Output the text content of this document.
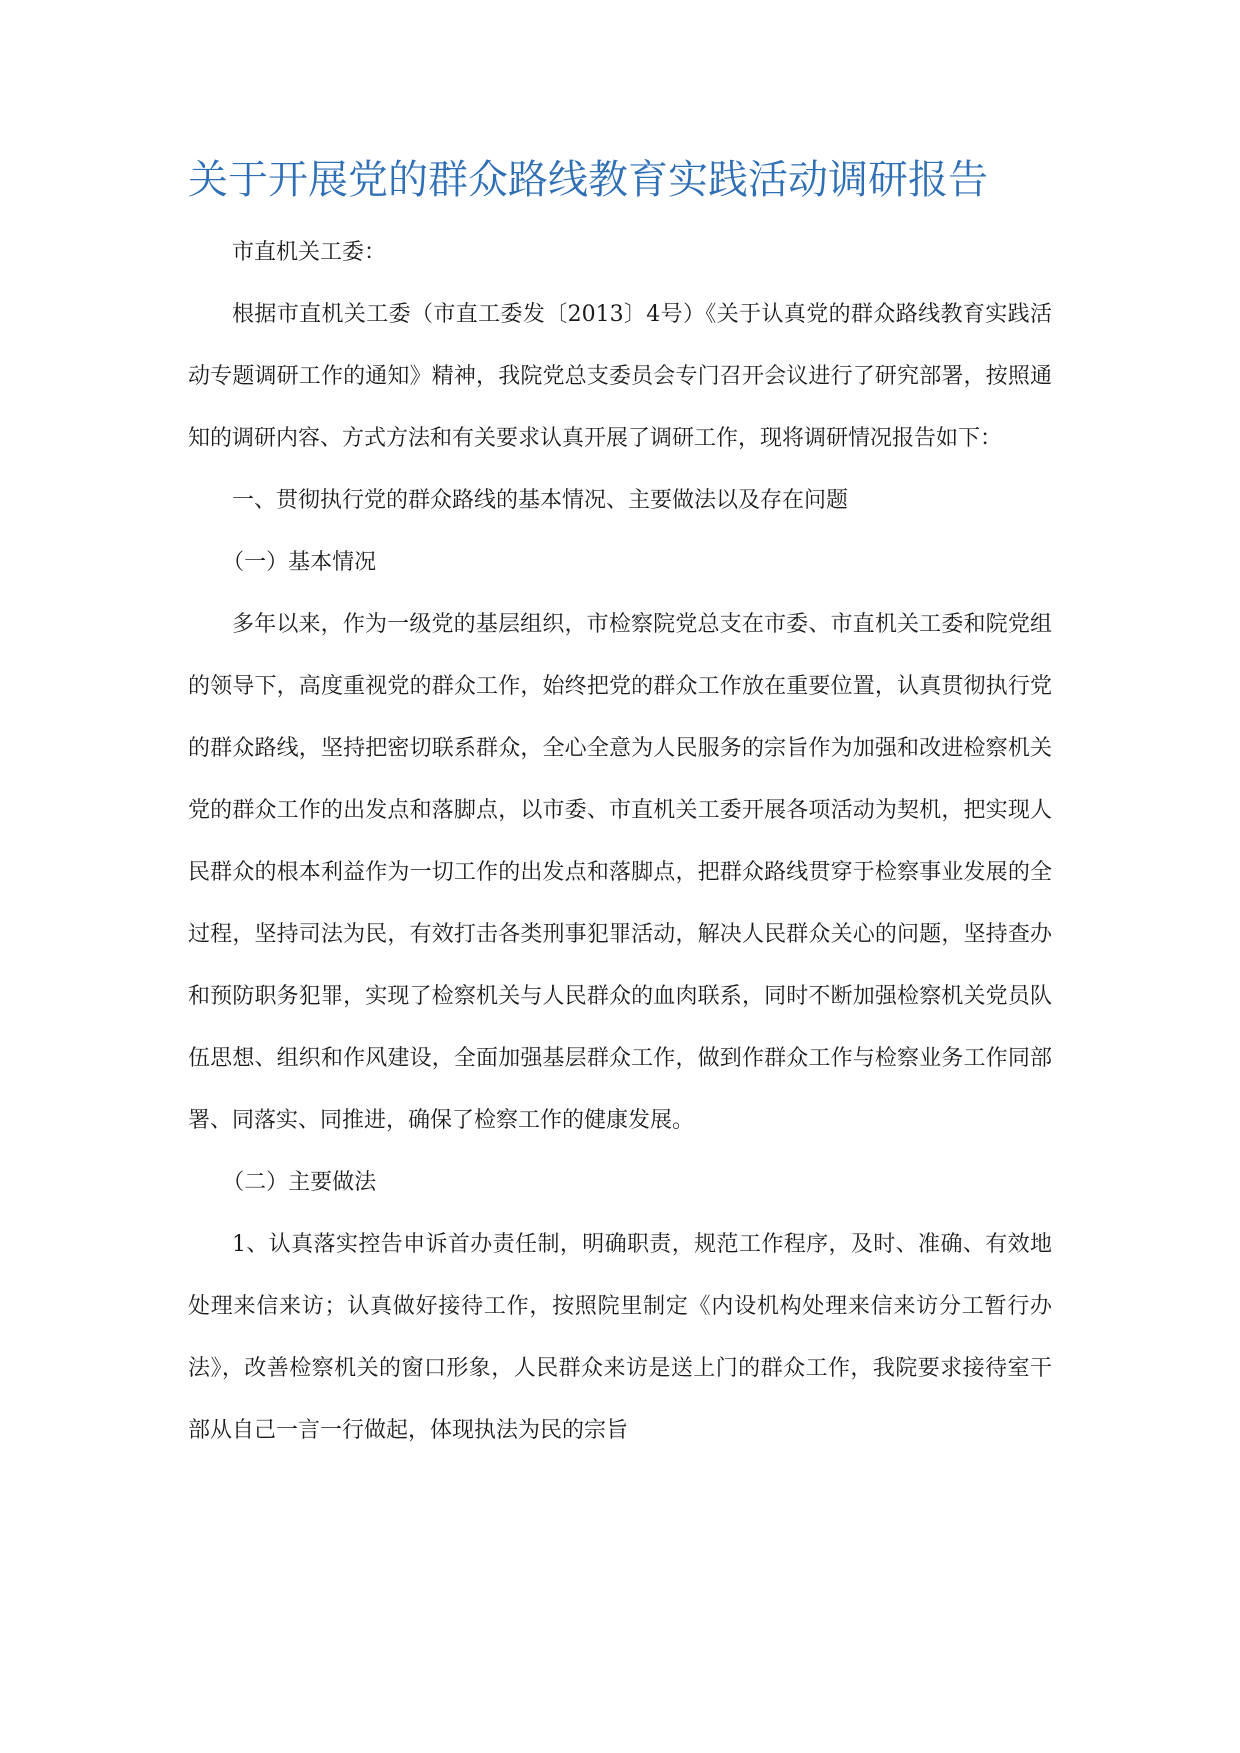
关于开展党的群众路线教育实践活动调研报告

市直机关工委：

根据市直机关工委（市直工委发〔2013〕4号）《关于认真党的群众路线教育实践活动专题调研工作的通知》精神，我院党总支委员会专门召开会议进行了研究部署，按照通知的调研内容、方式方法和有关要求认真开展了调研工作，现将调研情况报告如下：

一、贯彻执行党的群众路线的基本情况、主要做法以及存在问题

（一）基本情况

多年以来，作为一级党的基层组织，市检察院党总支在市委、市直机关工委和院党组的领导下，高度重视党的群众工作，始终把党的群众工作放在重要位置，认真贯彻执行党的群众路线，坚持把密切联系群众，全心全意为人民服务的宗旨作为加强和改进检察机关党的群众工作的出发点和落脚点，以市委、市直机关工委开展各项活动为契机，把实现人民群众的根本利益作为一切工作的出发点和落脚点，把群众路线贯穿于检察事业发展的全过程，坚持司法为民，有效打击各类刑事犯罪活动，解决人民群众关心的问题，坚持查办和预防职务犯罪，实现了检察机关与人民群众的血肉联系，同时不断加强检察机关党员队伍思想、组织和作风建设，全面加强基层群众工作，做到作群众工作与检察业务工作同部署、同落实、同推进，确保了检察工作的健康发展。

（二）主要做法

1、认真落实控告申诉首办责任制，明确职责，规范工作程序，及时、准确、有效地处理来信来访；认真做好接待工作，按照院里制定《内设机构处理来信来访分工暂行办法》，改善检察机关的窗口形象，人民群众来访是送上门的群众工作，我院要求接待室干部从自己一言一行做起，体现执法为民的宗旨
